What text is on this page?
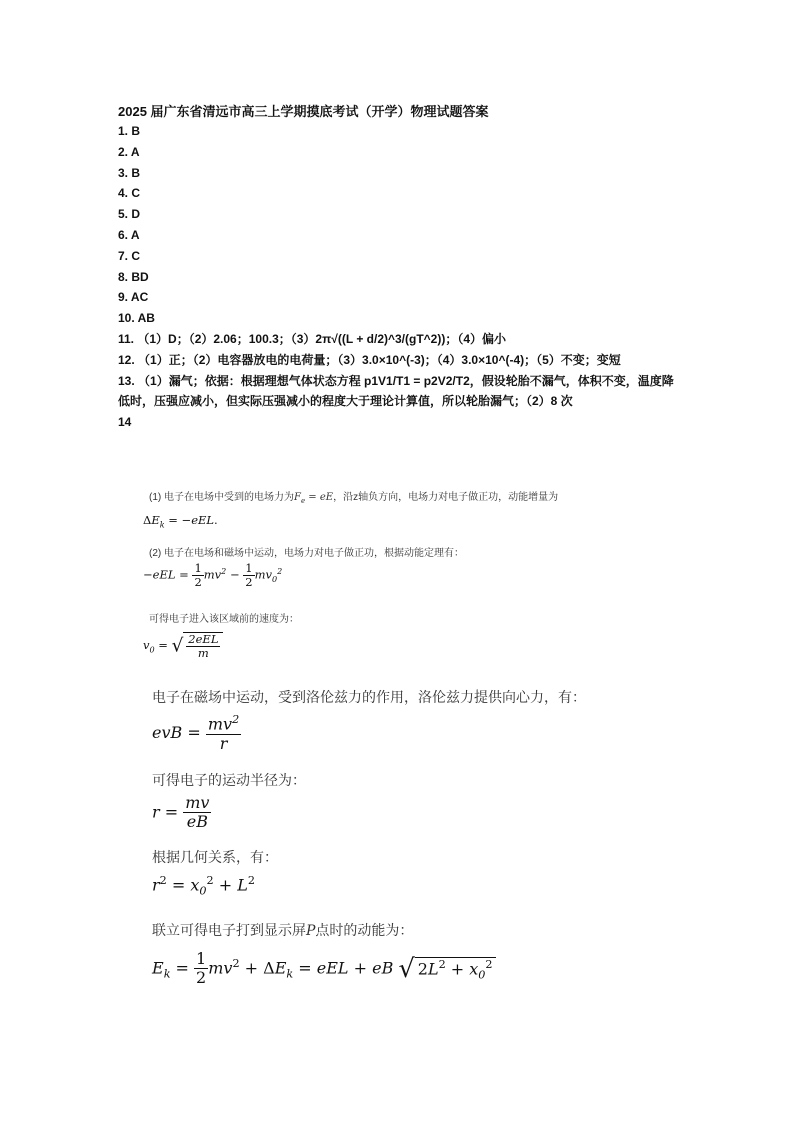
2025 届广东省清远市高三上学期摸底考试（开学）物理试题答案
1. B
2. A
3. B
4. C
5. D
6. A
7. C
8. BD
9. AC
10. AB
11. （1）D；（2）2.06；100.3；（3）2π√((L + d/2)^3/(gT^2))；（4）偏小
12. （1）正；（2）电容器放电的电荷量；（3）3.0×10^(-3)；（4）3.0×10^(-4)；（5）不变；变短
13. （1）漏气；依据：根据理想气体状态方程 p1V1/T1 = p2V2/T2，假设轮胎不漏气，体积不变，温度降低时，压强应减小，但实际压强减小的程度大于理论计算值，所以轮胎漏气；（2）8 次
14
(1) 电子在电场中受到的电场力为$F_e$ = eE，沿z轴负方向，电场力对电子做正功，动能增量为
$\Delta E_k = -eEL$.
(2) 电子在电场和磁场中运动，电场力对电子做正功，根据动能定理有：
$-eEL = \frac{1}{2} mv^2 - \frac{1}{2} mv_0^2$
可得电子进入该区域前的速度为：
$v_0$ = √ $\frac{\text{2eEL}}{m}$
电子在磁场中运动，受到洛伦兹力的作用，洛伦兹力提供向心力，有：
evB = $\frac{mv^2}{r}$
可得电子的运动半径为：
$r = \frac{mv}{eB}$
根据几何关系，有：
$r^2 = x_0^2 + L^2$
联立可得电子打到显示屏P点时的动能为：
$E_k = \frac{1}{2} mv^2 + \Delta E_k$ = eEL + eB √ $2L^2 + x_0^2$
